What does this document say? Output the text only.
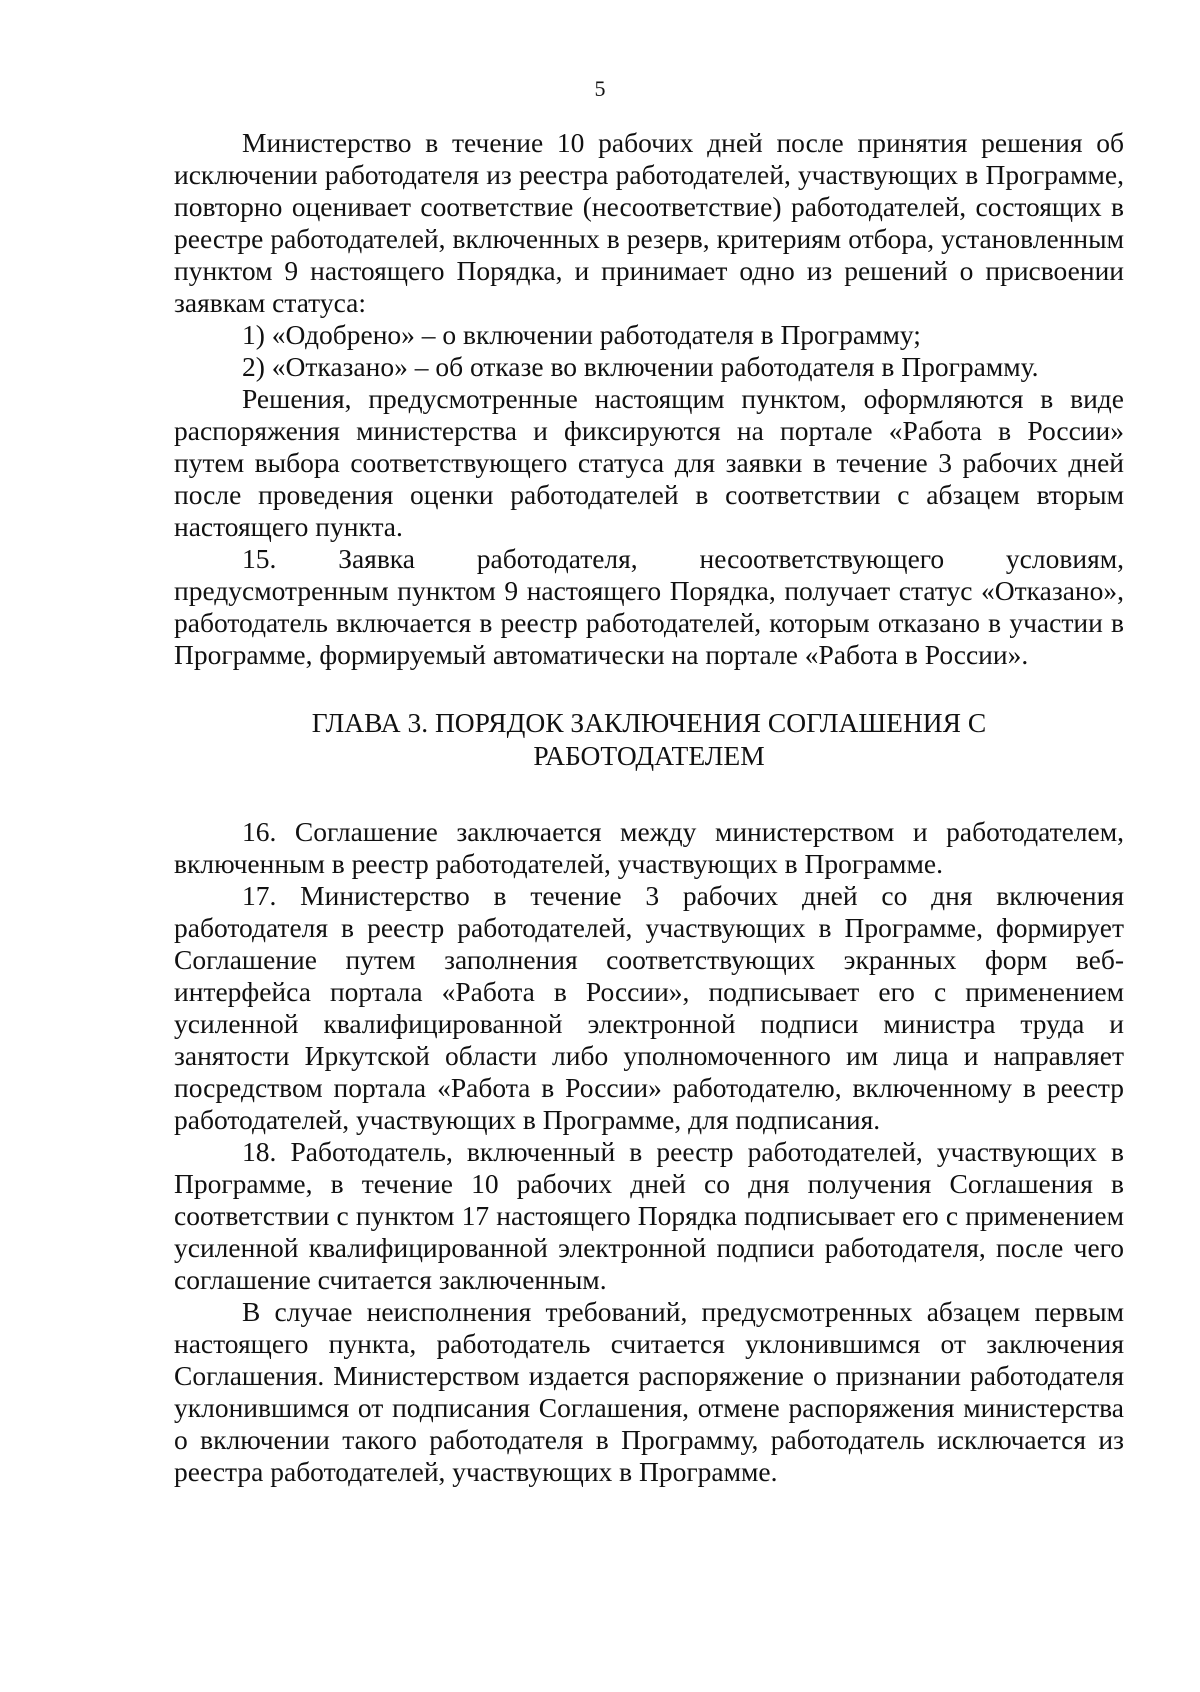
5

Министерство в течение 10 рабочих дней после принятия решения об исключении работодателя из реестра работодателей, участвующих в Программе, повторно оценивает соответствие (несоответствие) работодателей, состоящих в реестре работодателей, включенных в резерв, критериям отбора, установленным пунктом 9 настоящего Порядка, и принимает одно из решений о присвоении заявкам статуса:

1) «Одобрено» – о включении работодателя в Программу;

2) «Отказано» – об отказе во включении работодателя в Программу.

Решения, предусмотренные настоящим пунктом, оформляются в виде распоряжения министерства и фиксируются на портале «Работа в России» путем выбора соответствующего статуса для заявки в течение 3 рабочих дней после проведения оценки работодателей в соответствии с абзацем вторым настоящего пункта.

15. Заявка работодателя, несоответствующего условиям, предусмотренным пунктом 9 настоящего Порядка, получает статус «Отказано», работодатель включается в реестр работодателей, которым отказано в участии в Программе, формируемый автоматически на портале «Работа в России».

ГЛАВА 3. ПОРЯДОК ЗАКЛЮЧЕНИЯ СОГЛАШЕНИЯ С
РАБОТОДАТЕЛЕМ

16. Соглашение заключается между министерством и работодателем, включенным в реестр работодателей, участвующих в Программе.

17. Министерство в течение 3 рабочих дней со дня включения работодателя в реестр работодателей, участвующих в Программе, формирует Соглашение путем заполнения соответствующих экранных форм веб-интерфейса портала «Работа в России», подписывает его с применением усиленной квалифицированной электронной подписи министра труда и занятости Иркутской области либо уполномоченного им лица и направляет посредством портала «Работа в России» работодателю, включенному в реестр работодателей, участвующих в Программе, для подписания.

18. Работодатель, включенный в реестр работодателей, участвующих в Программе, в течение 10 рабочих дней со дня получения Соглашения в соответствии с пунктом 17 настоящего Порядка подписывает его с применением усиленной квалифицированной электронной подписи работодателя, после чего соглашение считается заключенным.

В случае неисполнения требований, предусмотренных абзацем первым настоящего пункта, работодатель считается уклонившимся от заключения Соглашения. Министерством издается распоряжение о признании работодателя уклонившимся от подписания Соглашения, отмене распоряжения министерства о включении такого работодателя в Программу, работодатель исключается из реестра работодателей, участвующих в Программе.
